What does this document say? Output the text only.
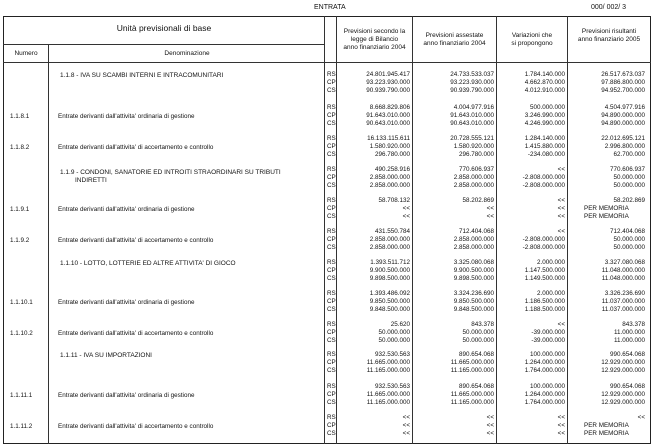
ENTRATA	000/ 002/ 3
Unità previsionali di base
Numero	Denominazione
Previsioni secondo la
legge di Bilancio
anno finanziario 2004
Previsioni assestate
anno finanziario 2004
Variazioni che
si propongono
Previsioni risultanti
anno finanziario 2005
1.1.8 - IVA SU SCAMBI INTERNI E INTRACOMUNITARI	RS	24.801.945.417	24.733.533.037	1.784.140.000	26.517.673.037
CP	93.223.930.000	93.223.930.000	4.662.870.000	97.886.800.000
CS	90.939.790.000	90.939.790.000	4.012.910.000	94.952.700.000
1.1.8.1	Entrate derivanti dall'attivita' ordinaria di gestione
RS	8.668.829.806	4.004.977.916	500.000.000	4.504.977.916
CP	91.643.010.000	91.643.010.000	3.246.990.000	94.890.000.000
CS	90.643.010.000	90.643.010.000	4.246.990.000	94.890.000.000
1.1.8.2	Entrate derivanti dall'attivita' di accertamento e controllo
RS	16.133.115.611	20.728.555.121	1.284.140.000	22.012.695.121
CP	1.580.920.000	1.580.920.000	1.415.880.000	2.996.800.000
CS	296.780.000	296.780.000	-234.080.000	62.700.000
1.1.9 - CONDONI, SANATORIE ED INTROITI STRAORDINARI SU TRIBUTI
INDIRETTI
RS	490.258.916	770.606.937	<<	770.606.937
CP	2.858.000.000	2.858.000.000	-2.808.000.000	50.000.000
CS	2.858.000.000	2.858.000.000	-2.808.000.000	50.000.000
1.1.9.1	Entrate derivanti dall'attivita' ordinaria di gestione
RS	58.708.132	58.202.869	<<	58.202.869
CP	<<	<<	<<	PER MEMORIA
CS	<<	<<	<<	PER MEMORIA
1.1.9.2	Entrate derivanti dall'attivita' di accertamento e controllo
RS	431.550.784	712.404.068	<<	712.404.068
CP	2.858.000.000	2.858.000.000	-2.808.000.000	50.000.000
CS	2.858.000.000	2.858.000.000	-2.808.000.000	50.000.000
1.1.10 - LOTTO, LOTTERIE ED ALTRE ATTIVITA' DI GIOCO	RS	1.393.511.712	3.325.080.068	2.000.000	3.327.080.068
CP	9.900.500.000	9.900.500.000	1.147.500.000	11.048.000.000
CS	9.898.500.000	9.898.500.000	1.149.500.000	11.048.000.000
1.1.10.1	Entrate derivanti dall'attivita' ordinaria di gestione
RS	1.393.486.092	3.324.236.690	2.000.000	3.326.236.690
CP	9.850.500.000	9.850.500.000	1.186.500.000	11.037.000.000
CS	9.848.500.000	9.848.500.000	1.188.500.000	11.037.000.000
1.1.10.2	Entrate derivanti dall'attivita' di accertamento e controllo
RS	25.620	843.378	<<	843.378
CP	50.000.000	50.000.000	-39.000.000	11.000.000
CS	50.000.000	50.000.000	-39.000.000	11.000.000
1.1.11 - IVA SU IMPORTAZIONI	RS	932.530.563	890.654.068	100.000.000	990.654.068
CP	11.665.000.000	11.665.000.000	1.264.000.000	12.929.000.000
CS	11.165.000.000	11.165.000.000	1.764.000.000	12.929.000.000
1.1.11.1	Entrate derivanti dall'attivita' ordinaria di gestione
RS	932.530.563	890.654.068	100.000.000	990.654.068
CP	11.665.000.000	11.665.000.000	1.264.000.000	12.929.000.000
CS	11.165.000.000	11.165.000.000	1.764.000.000	12.929.000.000
1.1.11.2	Entrate derivanti dall'attivita' di accertamento e controllo
RS	<<	<<	<<	<<
CP	<<	<<	<<	PER MEMORIA
CS	<<	<<	<<	PER MEMORIA
